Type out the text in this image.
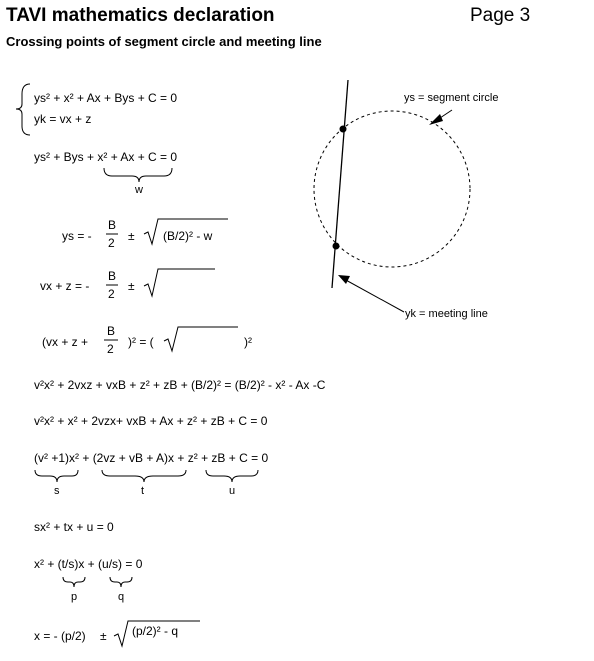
TAVI mathematics declaration	Page 3
Crossing points of segment circle and meeting line
ys² + x² + Ax + Bys + C = 0
yk = vx + z
ys² + Bys + x² + Ax + C = 0
w
ys = -
B
2 ± (B/2)² - w
vx + z = -
B
2
±
(vx + z +
B
2 )² = (	)²
v²x² + 2vxz + vxB + z² + zB + (B/2)² = (B/2)² - x² - Ax -C
v²x² + x² + 2vzx+ vxB + Ax + z² + zB + C = 0
(v² +1)x² + (2vz + vB + A)x + z² + zB + C = 0
s	t	u
sx² + tx + u = 0
x² + (t/s)x + (u/s) = 0
p	q
x = - (p/2) ± (p/2)² - q
ys = segment circle
yk = meeting line
